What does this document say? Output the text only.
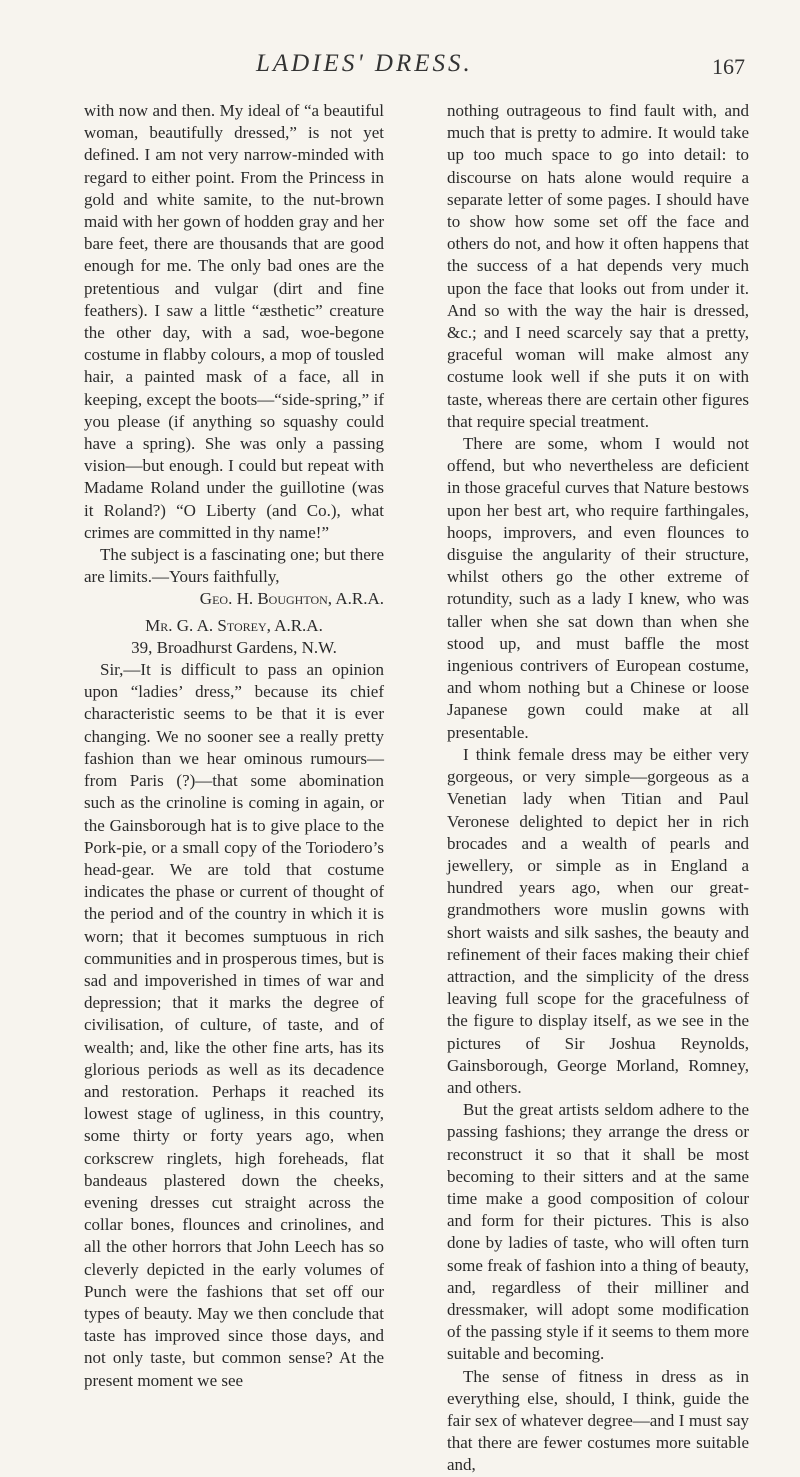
LADIES' DRESS.	167

with now and then. My ideal of “a beautiful woman, beautifully dressed,” is not yet defined. I am not very narrow-minded with regard to either point. From the Princess in gold and white samite, to the nut-brown maid with her gown of hodden gray and her bare feet, there are thousands that are good enough for me. The only bad ones are the pretentious and vulgar (dirt and fine feathers). I saw a little “æsthetic” creature the other day, with a sad, woe-begone costume in flabby colours, a mop of tousled hair, a painted mask of a face, all in keeping, except the boots—“side-spring,” if you please (if anything so squashy could have a spring). She was only a passing vision—but enough. I could but repeat with Madame Roland under the guillotine (was it Roland?) “O Liberty (and Co.), what crimes are committed in thy name!”

The subject is a fascinating one; but there are limits.—Yours faithfully,

Geo. H. Boughton, A.R.A.

Mr. G. A. Storey, A.R.A.

39, Broadhurst Gardens, N.W.

Sir,—It is difficult to pass an opinion upon “ladies’ dress,” because its chief characteristic seems to be that it is ever changing. We no sooner see a really pretty fashion than we hear ominous rumours—from Paris (?)—that some abomination such as the crinoline is coming in again, or the Gainsborough hat is to give place to the Pork-pie, or a small copy of the Toriodero’s head-gear. We are told that costume indicates the phase or current of thought of the period and of the country in which it is worn; that it becomes sumptuous in rich communities and in prosperous times, but is sad and impoverished in times of war and depression; that it marks the degree of civilisation, of culture, of taste, and of wealth; and, like the other fine arts, has its glorious periods as well as its decadence and restoration. Perhaps it reached its lowest stage of ugliness, in this country, some thirty or forty years ago, when corkscrew ringlets, high foreheads, flat bandeaus plastered down the cheeks, evening dresses cut straight across the collar bones, flounces and crinolines, and all the other horrors that John Leech has so cleverly depicted in the early volumes of Punch were the fashions that set off our types of beauty. May we then conclude that taste has improved since those days, and not only taste, but common sense? At the present moment we see

nothing outrageous to find fault with, and much that is pretty to admire. It would take up too much space to go into detail: to discourse on hats alone would require a separate letter of some pages. I should have to show how some set off the face and others do not, and how it often happens that the success of a hat depends very much upon the face that looks out from under it. And so with the way the hair is dressed, &c.; and I need scarcely say that a pretty, graceful woman will make almost any costume look well if she puts it on with taste, whereas there are certain other figures that require special treatment.

There are some, whom I would not offend, but who nevertheless are deficient in those graceful curves that Nature bestows upon her best art, who require farthingales, hoops, improvers, and even flounces to disguise the angularity of their structure, whilst others go the other extreme of rotundity, such as a lady I knew, who was taller when she sat down than when she stood up, and must baffle the most ingenious contrivers of European costume, and whom nothing but a Chinese or loose Japanese gown could make at all presentable.

I think female dress may be either very gorgeous, or very simple—gorgeous as a Venetian lady when Titian and Paul Veronese delighted to depict her in rich brocades and a wealth of pearls and jewellery, or simple as in England a hundred years ago, when our great-grandmothers wore muslin gowns with short waists and silk sashes, the beauty and refinement of their faces making their chief attraction, and the simplicity of the dress leaving full scope for the gracefulness of the figure to display itself, as we see in the pictures of Sir Joshua Reynolds, Gainsborough, George Morland, Romney, and others.

But the great artists seldom adhere to the passing fashions; they arrange the dress or reconstruct it so that it shall be most becoming to their sitters and at the same time make a good composition of colour and form for their pictures. This is also done by ladies of taste, who will often turn some freak of fashion into a thing of beauty, and, regardless of their milliner and dressmaker, will adopt some modification of the passing style if it seems to them more suitable and becoming.

The sense of fitness in dress as in everything else, should, I think, guide the fair sex of whatever degree—and I must say that there are fewer costumes more suitable and,
